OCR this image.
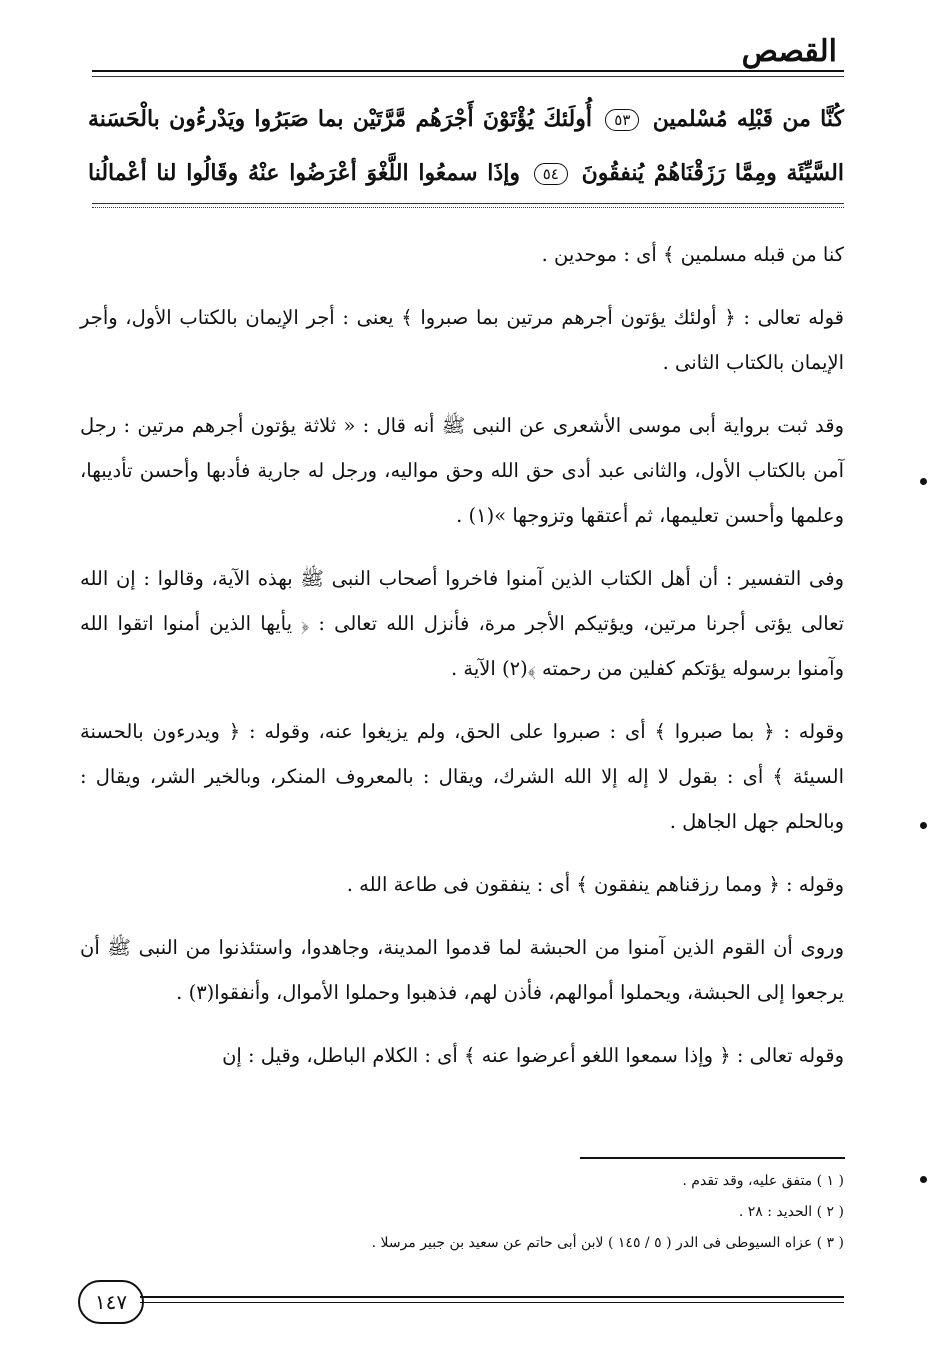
القصص
كُنَّا من قَبْلِه مُسْلمين ٥٣ أُولَئكَ يُؤْتَوْنَ أَجْرَهُم مَّرَّتَيْن بما صَبَرُوا ويَدْرءُون بالْحَسَنة
السَّيِّئَة ومِمَّا رَزَقْنَاهُمْ يُنفقُونَ ٥٤ وإذَا سمعُوا اللَّغْوَ أعْرَضُوا عنْهُ وقَالُوا لنا أعْمالُنا

كنا من قبله مسلمين ﴾ أى : موحدين .

قوله تعالى : ﴿ أولئك يؤتون أجرهم مرتين بما صبروا ﴾ يعنى : أجر الإيمان بالكتاب الأول، وأجر الإيمان بالكتاب الثانى .

وقد ثبت برواية أبى موسى الأشعرى عن النبى ﷺ أنه قال : « ثلاثة يؤتون أجرهم مرتين : رجل آمن بالكتاب الأول، والثانى عبد أدى حق الله وحق مواليه، ورجل له جارية فأدبها وأحسن تأديبها، وعلمها وأحسن تعليمها، ثم أعتقها وتزوجها »(١) .

وفى التفسير : أن أهل الكتاب الذين آمنوا فاخروا أصحاب النبى ﷺ بهذه الآية، وقالوا : إن الله تعالى يؤتى أجرنا مرتين، ويؤتيكم الأجر مرة، فأنزل الله تعالى : ﴿ يأيها الذين أمنوا اتقوا الله وآمنوا برسوله يؤتكم كفلين من رحمته ﴾(٢) الآية .

وقوله : ﴿ بما صبروا ﴾ أى : صبروا على الحق، ولم يزيغوا عنه، وقوله : ﴿ ويدرءون بالحسنة السيئة ﴾ أى : بقول لا إله إلا الله الشرك، ويقال : بالمعروف المنكر، وبالخير الشر، ويقال : وبالحلم جهل الجاهل .

وقوله : ﴿ ومما رزقناهم ينفقون ﴾ أى : ينفقون فى طاعة الله .

وروى أن القوم الذين آمنوا من الحبشة لما قدموا المدينة، وجاهدوا، واستئذنوا من النبى ﷺ أن يرجعوا إلى الحبشة، ويحملوا أموالهم، فأذن لهم، فذهبوا وحملوا الأموال، وأنفقوا(٣) .

وقوله تعالى : ﴿ وإذا سمعوا اللغو أعرضوا عنه ﴾ أى : الكلام الباطل، وقيل : إن

( ١ ) متفق عليه، وقد تقدم .
( ٢ ) الحديد : ٢٨ .
( ٣ ) عزاه السيوطى فى الدر ( ٥ / ١٤٥ ) لابن أبى حاتم عن سعيد بن جبير مرسلا .
١٤٧
